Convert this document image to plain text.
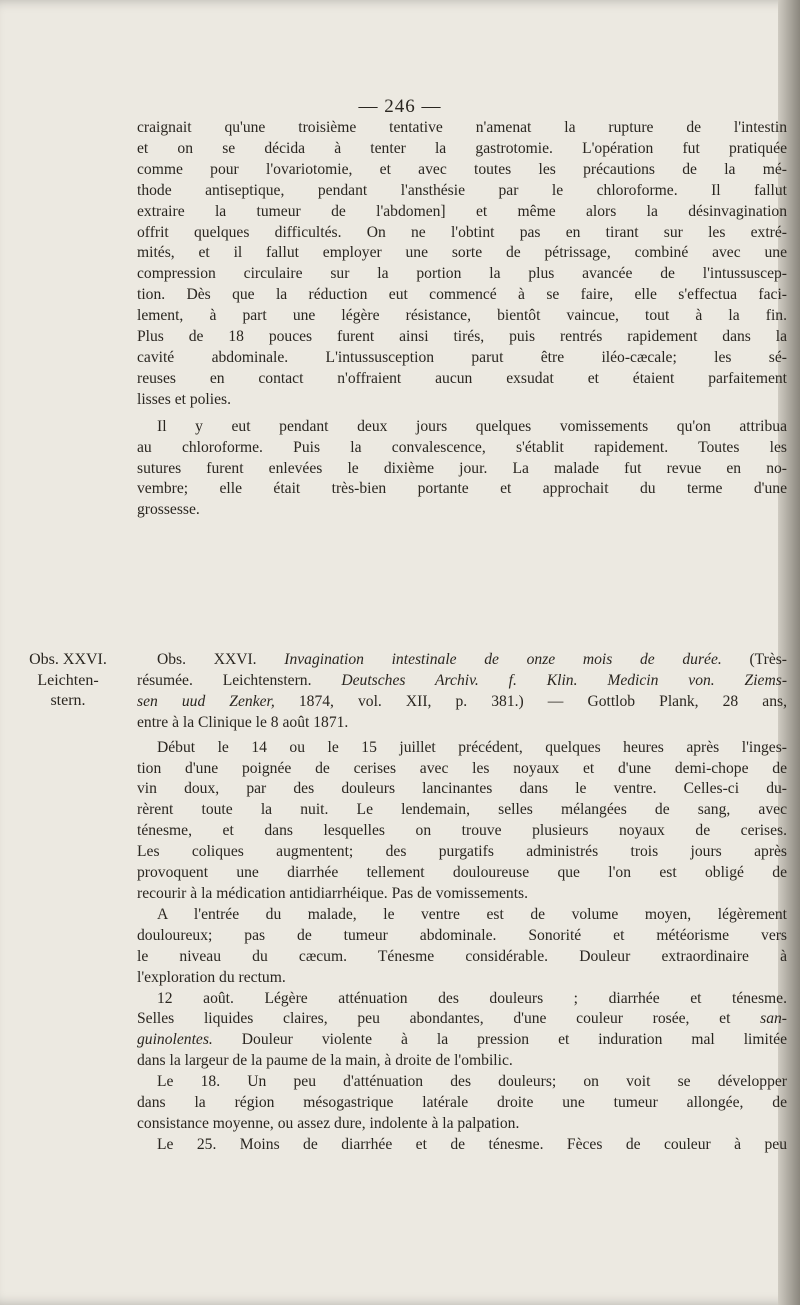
— 246 —
craignait qu'une troisième tentative n'amenat la rupture de l'intestin
et on se décida à tenter la gastrotomie. L'opération fut pratiquée
comme pour l'ovariotomie, et avec toutes les précautions de la mé-
thode antiseptique, pendant l'ansthésie par le chloroforme. Il fallut
extraire la tumeur de l'abdomen] et même alors la désinvagination
offrit quelques difficultés. On ne l'obtint pas en tirant sur les extré-
mités, et il fallut employer une sorte de pétrissage, combiné avec une
compression circulaire sur la portion la plus avancée de l'intussuscep-
tion. Dès que la réduction eut commencé à se faire, elle s'effectua faci-
lement, à part une légère résistance, bientôt vaincue, tout à la fin.
Plus de 18 pouces furent ainsi tirés, puis rentrés rapidement dans la
cavité abdominale. L'intussusception parut être iléo-cæcale; les sé-
reuses en contact n'offraient aucun exsudat et étaient parfaitement
lisses et polies.
Il y eut pendant deux jours quelques vomissements qu'on attribua
au chloroforme. Puis la convalescence, s'établit rapidement. Toutes les
sutures furent enlevées le dixième jour. La malade fut revue en no-
vembre; elle était très-bien portante et approchait du terme d'une
grossesse.
Obs. XXVI.
Leichten-
stern.
Obs. XXVI. Invagination intestinale de onze mois de durée. (Très-
résumée. Leichtenstern. Deutsches Archiv. f. Klin. Medicin von. Ziems-
sen uud Zenker, 1874, vol. XII, p. 381.) — Gottlob Plank, 28 ans,
entre à la Clinique le 8 août 1871.
Début le 14 ou le 15 juillet précédent, quelques heures après l'inges-
tion d'une poignée de cerises avec les noyaux et d'une demi-chope de
vin doux, par des douleurs lancinantes dans le ventre. Celles-ci du-
rèrent toute la nuit. Le lendemain, selles mélangées de sang, avec
ténesme, et dans lesquelles on trouve plusieurs noyaux de cerises.
Les coliques augmentent; des purgatifs administrés trois jours après
provoquent une diarrhée tellement douloureuse que l'on est obligé de
recourir à la médication antidiarrhéique. Pas de vomissements.
A l'entrée du malade, le ventre est de volume moyen, légèrement
douloureux; pas de tumeur abdominale. Sonorité et météorisme vers
le niveau du cæcum. Ténesme considérable. Douleur extraordinaire à
l'exploration du rectum.
12 août. Légère atténuation des douleurs ; diarrhée et ténesme.
Selles liquides claires, peu abondantes, d'une couleur rosée, et san-
guinolentes. Douleur violente à la pression et induration mal limitée
dans la largeur de la paume de la main, à droite de l'ombilic.
Le 18. Un peu d'atténuation des douleurs; on voit se développer
dans la région mésogastrique latérale droite une tumeur allongée, de
consistance moyenne, ou assez dure, indolente à la palpation.
Le 25. Moins de diarrhée et de ténesme. Fèces de couleur à peu
